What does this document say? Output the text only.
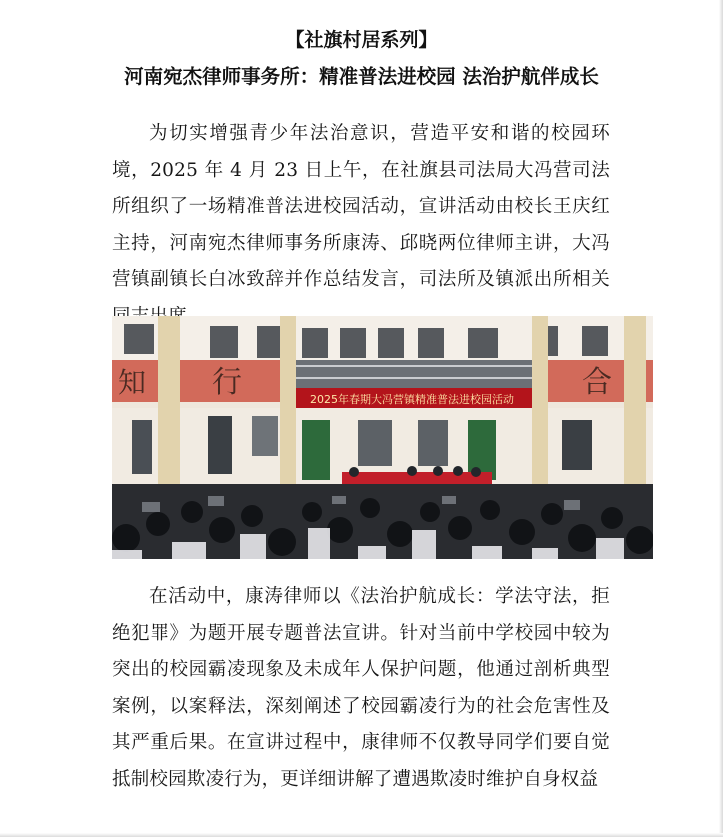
【社旗村居系列】
河南宛杰律师事务所：精准普法进校园 法治护航伴成长

为切实增强青少年法治意识，营造平安和谐的校园环境，2025 年 4 月 23 日上午，在社旗县司法局大冯营司法所组织了一场精准普法进校园活动，宣讲活动由校长王庆红主持，河南宛杰律师事务所康涛、邱晓两位律师主讲，大冯营镇副镇长白冰致辞并作总结发言，司法所及镇派出所相关

知 行	合
2025年春期大冯营镇精准普法进校园活动

在活动中，康涛律师以《法治护航成长：学法守法，拒绝犯罪》为题开展专题普法宣讲。针对当前中学校园中较为突出的校园霸凌现象及未成年人保护问题，他通过剖析典型案例，以案释法，深刻阐述了校园霸凌行为的社会危害性及其严重后果。在宣讲过程中，康律师不仅教导同学们要自觉抵制校园欺凌行为，更详细讲解了遭遇欺凌时维护自身权益
